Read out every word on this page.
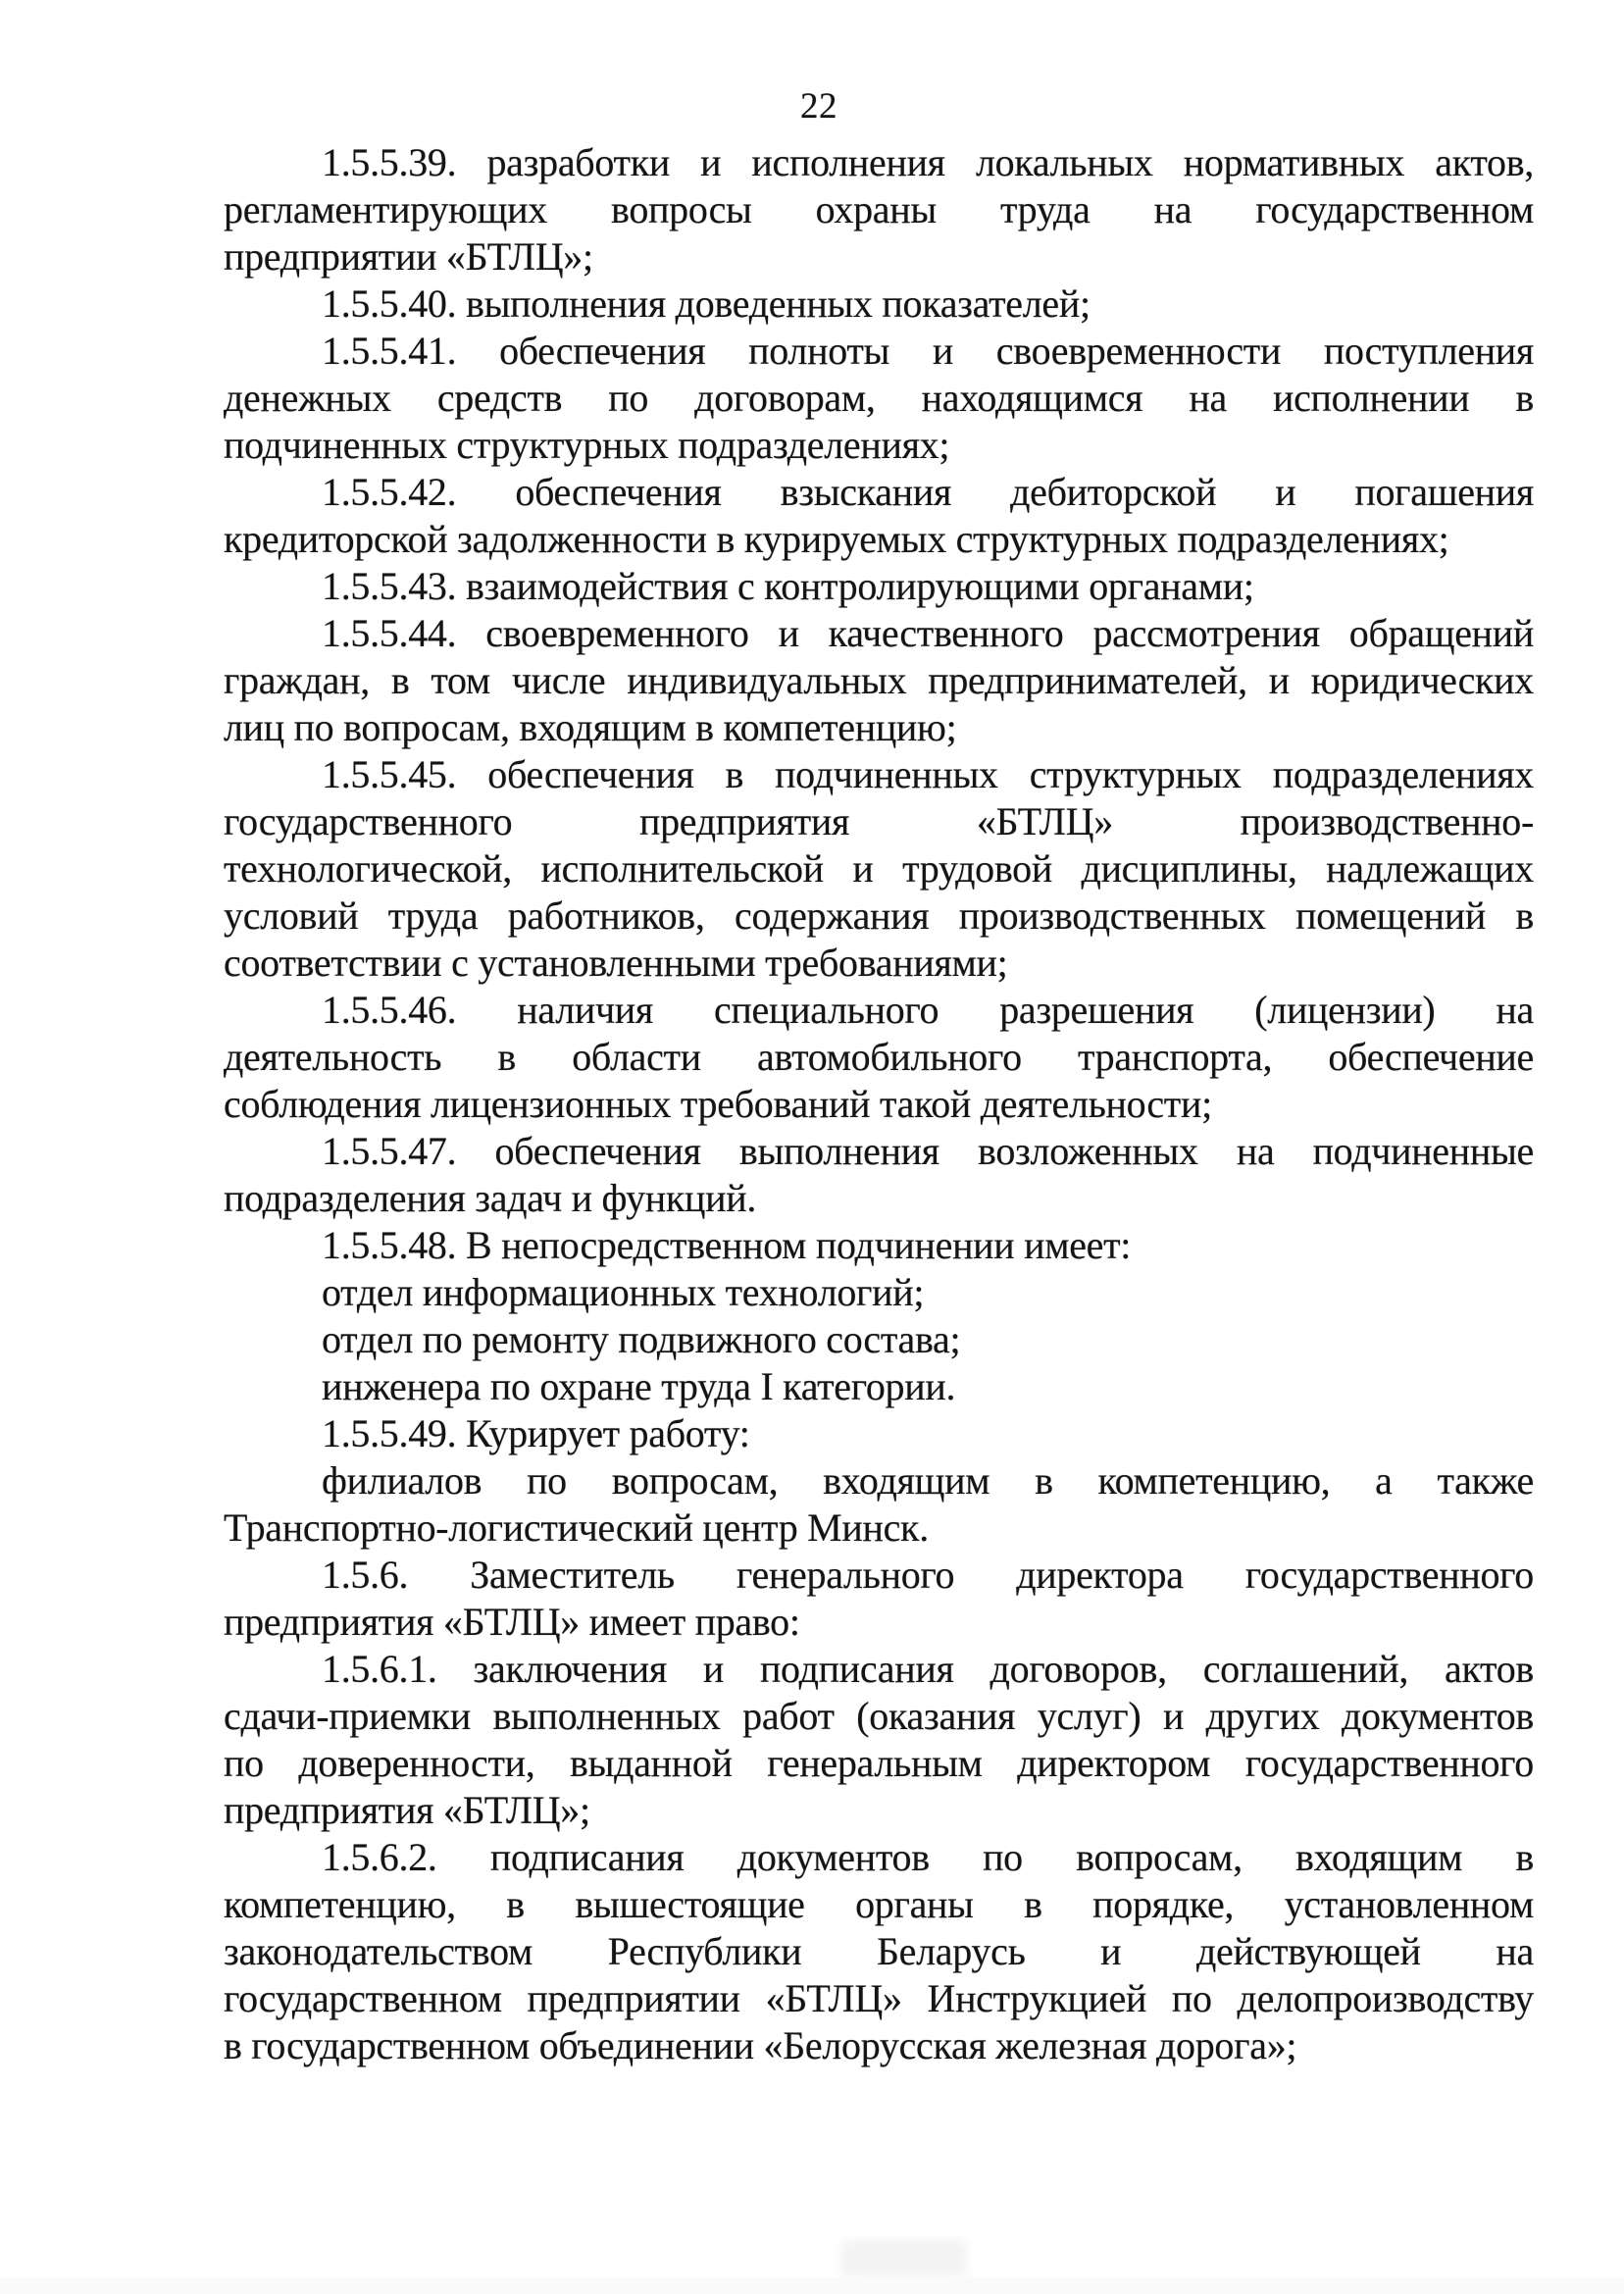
22
1.5.5.39. разработки и исполнения локальных нормативных актов,
регламентирующих вопросы охраны труда на государственном
предприятии «БТЛЦ»;
1.5.5.40. выполнения доведенных показателей;
1.5.5.41. обеспечения полноты и своевременности поступления
денежных средств по договорам, находящимся на исполнении в
подчиненных структурных подразделениях;
1.5.5.42. обеспечения взыскания дебиторской и погашения
кредиторской задолженности в курируемых структурных подразделениях;
1.5.5.43. взаимодействия с контролирующими органами;
1.5.5.44. своевременного и качественного рассмотрения обращений
граждан, в том числе индивидуальных предпринимателей, и юридических
лиц по вопросам, входящим в компетенцию;
1.5.5.45. обеспечения в подчиненных структурных подразделениях
государственного предприятия «БТЛЦ» производственно-
технологической, исполнительской и трудовой дисциплины, надлежащих
условий труда работников, содержания производственных помещений в
соответствии с установленными требованиями;
1.5.5.46. наличия специального разрешения (лицензии) на
деятельность в области автомобильного транспорта, обеспечение
соблюдения лицензионных требований такой деятельности;
1.5.5.47. обеспечения выполнения возложенных на подчиненные
подразделения задач и функций.
1.5.5.48. В непосредственном подчинении имеет:
отдел информационных технологий;
отдел по ремонту подвижного состава;
инженера по охране труда I категории.
1.5.5.49. Курирует работу:
филиалов по вопросам, входящим в компетенцию, а также
Транспортно-логистический центр Минск.
1.5.6. Заместитель генерального директора государственного
предприятия «БТЛЦ» имеет право:
1.5.6.1. заключения и подписания договоров, соглашений, актов
сдачи-приемки выполненных работ (оказания услуг) и других документов
по доверенности, выданной генеральным директором государственного
предприятия «БТЛЦ»;
1.5.6.2. подписания документов по вопросам, входящим в
компетенцию, в вышестоящие органы в порядке, установленном
законодательством Республики Беларусь и действующей на
государственном предприятии «БТЛЦ» Инструкцией по делопроизводству
в государственном объединении «Белорусская железная дорога»;
